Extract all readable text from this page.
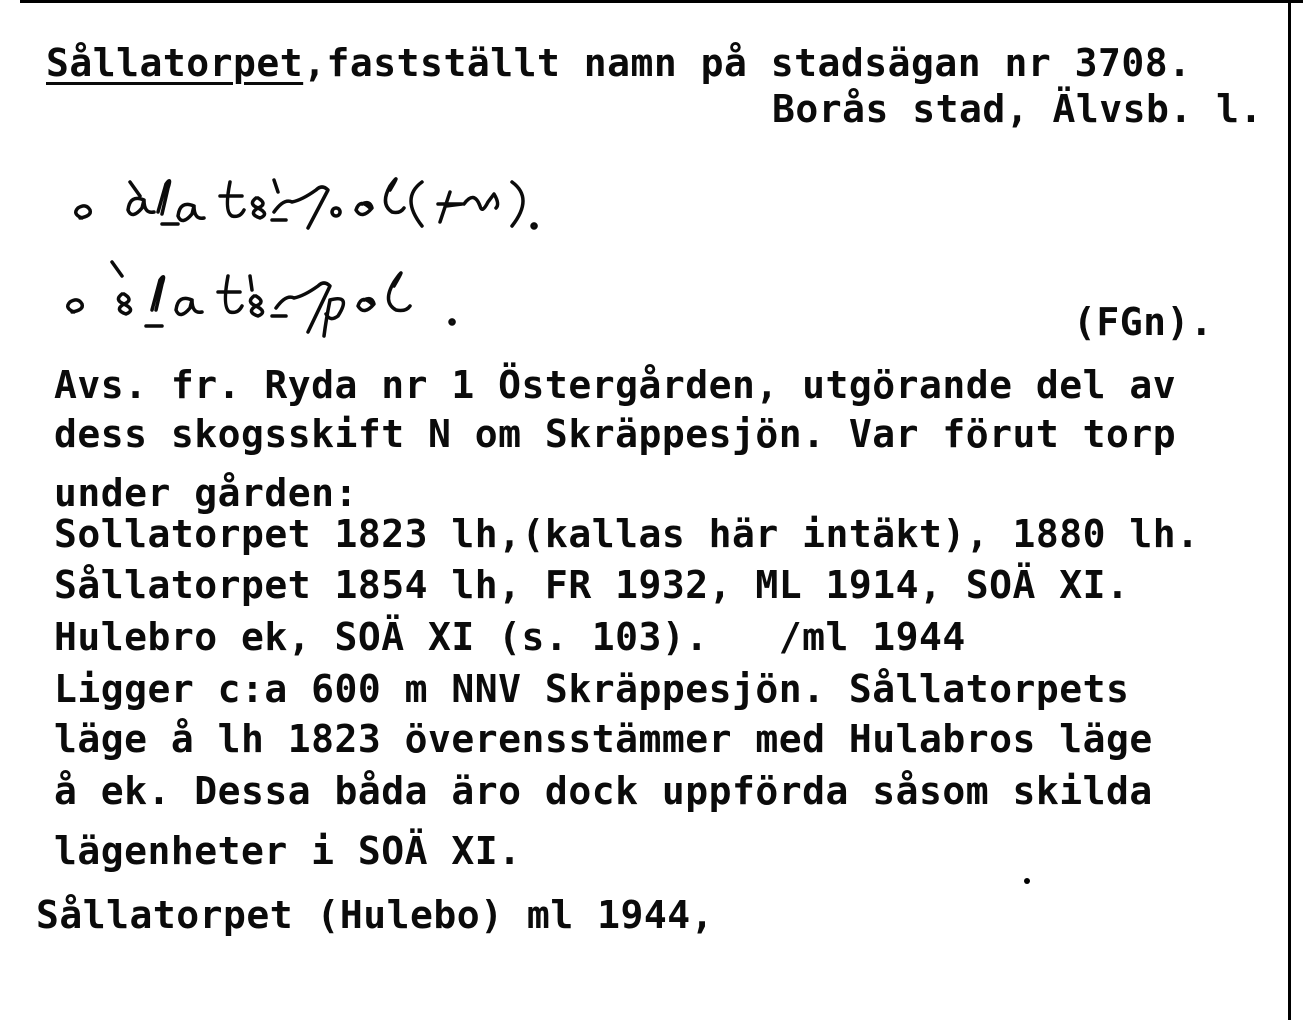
Sållatorpet,fastställt namn på stadsägan nr 3708.
Borås stad, Älvsb. l.
(FGn).
Avs. fr. Ryda nr 1 Östergården, utgörande del av
dess skogsskift N om Skräppesjön. Var förut torp
under gården:
Sollatorpet 1823 lh,(kallas här intäkt), 1880 lh.
Sållatorpet 1854 lh, FR 1932, ML 1914, SOÄ XI.
Hulebro ek, SOÄ XI (s. 103).   /ml 1944
Ligger c:a 600 m NNV Skräppesjön. Sållatorpets
läge å lh 1823 överensstämmer med Hulabros läge
å ek. Dessa båda äro dock uppförda såsom skilda
lägenheter i SOÄ XI.
Sållatorpet (Hulebo) ml 1944,
